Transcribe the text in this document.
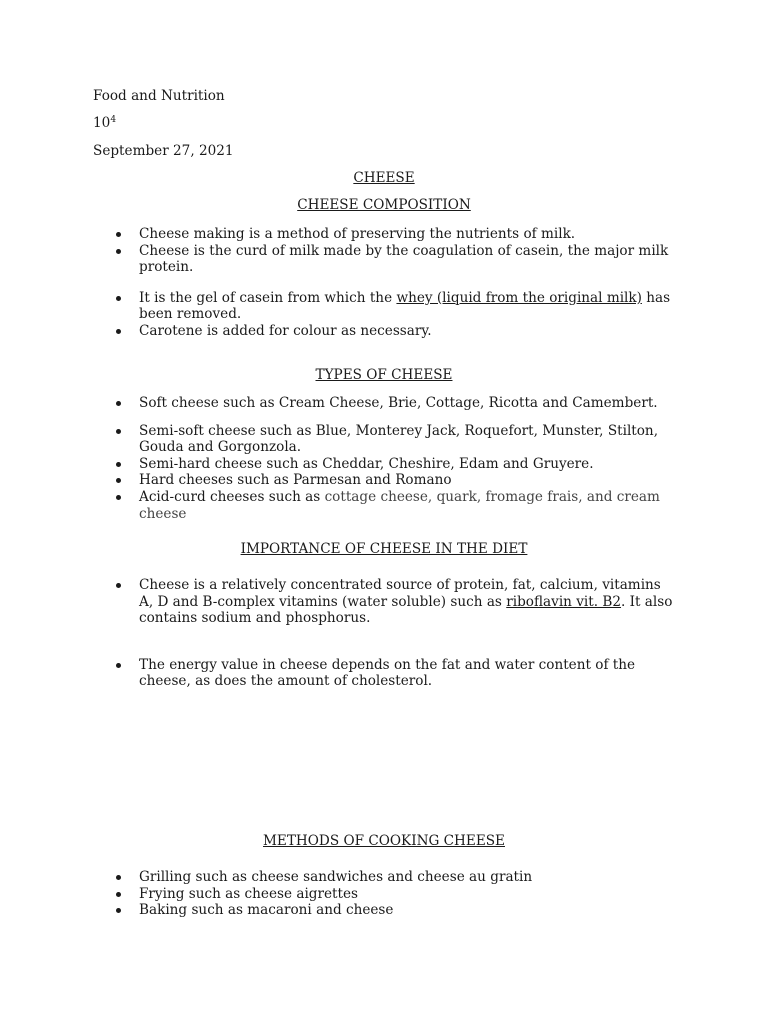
Food and Nutrition
$10^4$
September 27, 2021
CHEESE
CHEESE COMPOSITION
Cheese making is a method of preserving the nutrients of milk.
Cheese is the curd of milk made by the coagulation of casein, the major milk protein.
It is the gel of casein from which the whey (liquid from the original milk) has been removed.
Carotene is added for colour as necessary.
TYPES OF CHEESE
Soft cheese such as Cream Cheese, Brie, Cottage, Ricotta and Camembert.
Semi-soft cheese such as Blue, Monterey Jack, Roquefort, Munster, Stilton, Gouda and Gorgonzola.
Semi-hard cheese such as Cheddar, Cheshire, Edam and Gruyere.
Hard cheeses such as Parmesan and Romano
Acid-curd cheeses such as cottage cheese, quark, fromage frais, and cream cheese
IMPORTANCE OF CHEESE IN THE DIET
Cheese is a relatively concentrated source of protein, fat, calcium, vitamins A, D and B-complex vitamins (water soluble) such as riboflavin vit. B2. It also contains sodium and phosphorus.
The energy value in cheese depends on the fat and water content of the cheese, as does the amount of cholesterol.
METHODS OF COOKING CHEESE
Grilling such as cheese sandwiches and cheese au gratin
Frying such as cheese aigrettes
Baking such as macaroni and cheese
